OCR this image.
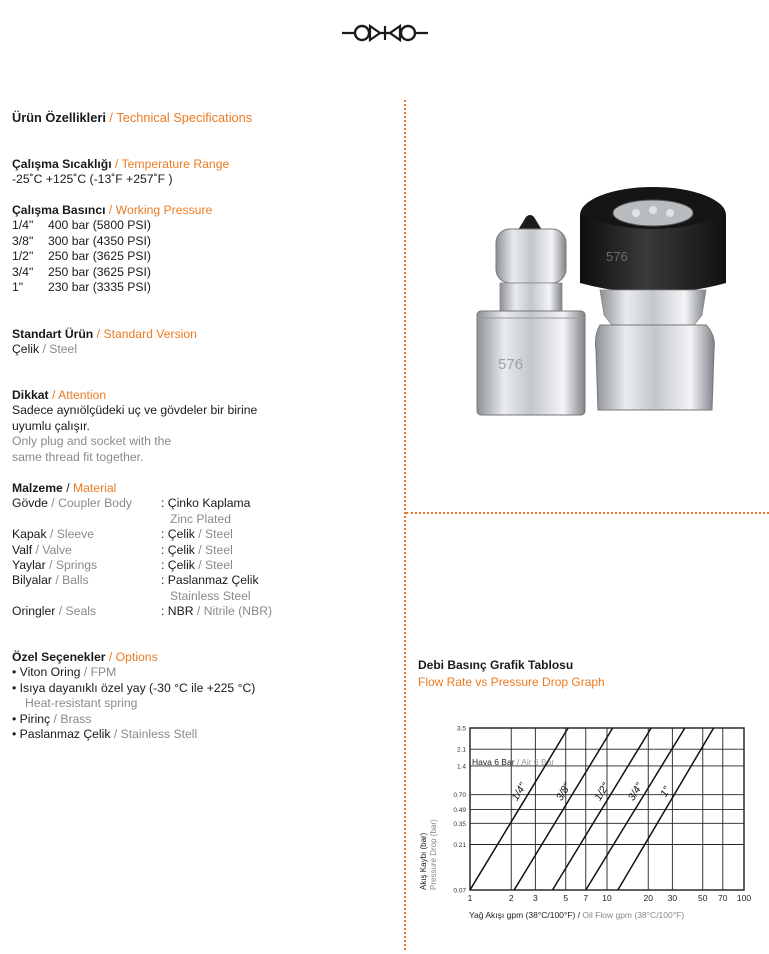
Ürün Özellikleri / Technical Specifications
Çalışma Sıcaklığı / Temperature Range
-25˚C +125˚C (-13˚F +257˚F )
Çalışma Basıncı / Working Pressure
1/4" 400 bar (5800 PSI)
3/8" 300 bar (4350 PSI)
1/2" 250 bar (3625 PSI)
3/4" 250 bar (3625 PSI)
1" 230 bar (3335 PSI)
Standart Ürün / Standard Version
Çelik / Steel
Dikkat / Attention
Sadece aynıölçüdeki uç ve gövdeler bir birine
uyumlu çalışır.
Only plug and socket with the
same thread fit together.
Malzeme / Material
Gövde / Coupler Body : Çinko Kaplama
Zinc Plated
Kapak / Sleeve	: Çelik / Steel
Valf / Valve	: Çelik / Steel
Yaylar / Springs	: Çelik / Steel
Bilyalar / Balls	: Paslanmaz Çelik
Stainless Steel
Oringler / Seals	: NBR / Nitrile (NBR)
Özel Seçenekler / Options
• Viton Oring / FPM
• Isıya dayanıklı özel yay (-30 °C ile +225 °C)
Heat-resistant spring
• Pirinç / Brass
• Paslanmaz Çelik / Stainless Stell
576
576
Debi Basınç Grafik Tablosu
Flow Rate vs Pressure Drop Graph
1	2 3	5 7 10	20 30 50 70 100
3.5
2.1
1.4
0.70
0.49
0.35
0.21
0.07
Hava 6 Bar / Air 6 Bar
1/4" 3/8" 1/2" 3/4" 1"
Yağ Akışı gpm (38°C/100°F) / Oil Flow gpm (38°C/100°F)
Akış Kaybı (bar) Pressure Drop (bar)
